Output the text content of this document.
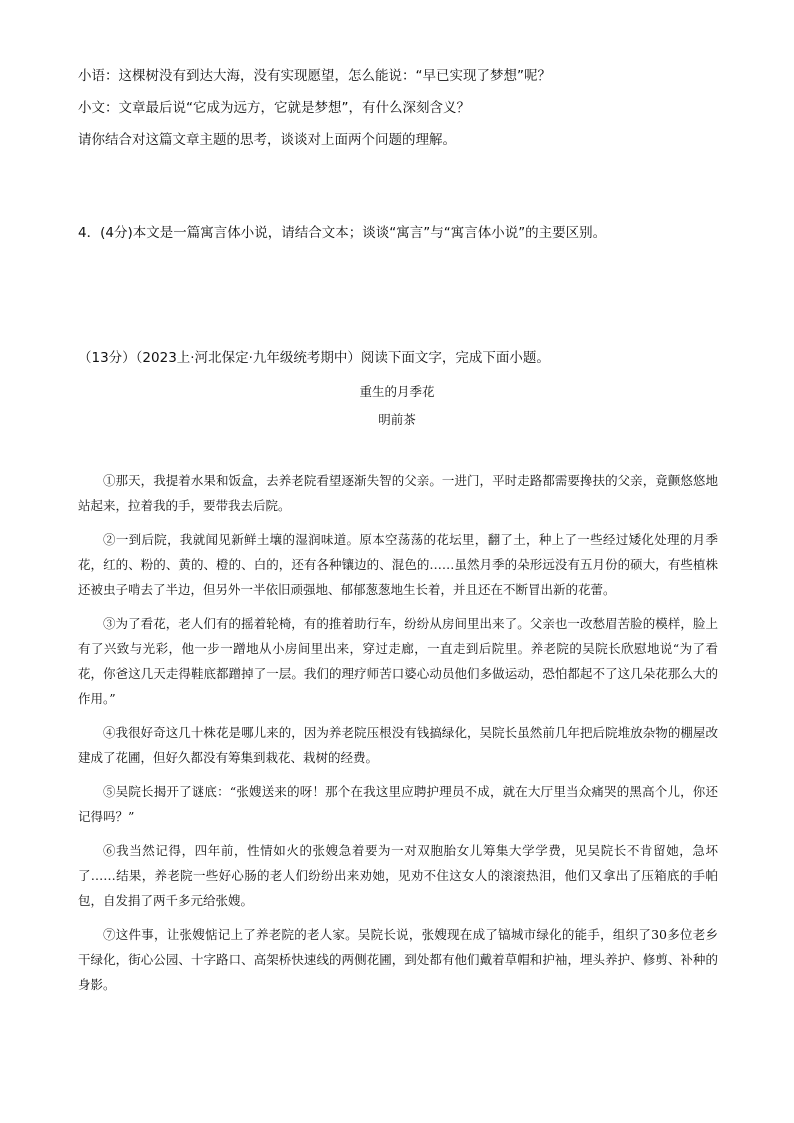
小语：这棵树没有到达大海，没有实现愿望，怎么能说：“早已实现了梦想”呢？
小文：文章最后说“它成为远方，它就是梦想”，有什么深刻含义？
请你结合对这篇文章主题的思考，谈谈对上面两个问题的理解。
4．(4分)本文是一篇寓言体小说，请结合文本；谈谈“寓言”与“寓言体小说”的主要区别。
（13分）（2023上·河北保定·九年级统考期中）阅读下面文字，完成下面小题。
重生的月季花
明前茶

①那天，我提着水果和饭盒，去养老院看望逐渐失智的父亲。一进门，平时走路都需要搀扶的父亲，竟颤悠悠地站起来，拉着我的手，要带我去后院。

②一到后院，我就闻见新鲜土壤的湿润味道。原本空荡荡的花坛里，翻了土，种上了一些经过矮化处理的月季花，红的、粉的、黄的、橙的、白的，还有各种镶边的、混色的……虽然月季的朵形远没有五月份的硕大，有些植株还被虫子啃去了半边，但另外一半依旧顽强地、郁郁葱葱地生长着，并且还在不断冒出新的花蕾。

③为了看花，老人们有的摇着轮椅，有的推着助行车，纷纷从房间里出来了。父亲也一改愁眉苦脸的模样，脸上有了兴致与光彩，他一步一蹭地从小房间里出来，穿过走廊，一直走到后院里。养老院的吴院长欣慰地说“为了看花，你爸这几天走得鞋底都蹭掉了一层。我们的理疗师苦口婆心动员他们多做运动，恐怕都起不了这几朵花那么大的作用。”

④我很好奇这几十株花是哪儿来的，因为养老院压根没有钱搞绿化，吴院长虽然前几年把后院堆放杂物的棚屋改建成了花圃，但好久都没有筹集到栽花、栽树的经费。

⑤吴院长揭开了谜底：“张嫂送来的呀！那个在我这里应聘护理员不成，就在大厅里当众痛哭的黑高个儿，你还记得吗？”

⑥我当然记得，四年前，性情如火的张嫂急着要为一对双胞胎女儿筹集大学学费，见吴院长不肯留她，急坏了……结果，养老院一些好心肠的老人们纷纷出来劝她，见劝不住这女人的滚滚热泪，他们又拿出了压箱底的手帕包，自发捐了两千多元给张嫂。

⑦这件事，让张嫂惦记上了养老院的老人家。吴院长说，张嫂现在成了镐城市绿化的能手，组织了30多位老乡干绿化，街心公园、十字路口、高架桥快速线的两侧花圃，到处都有他们戴着草帽和护袖，埋头养护、修剪、补种的身影。
